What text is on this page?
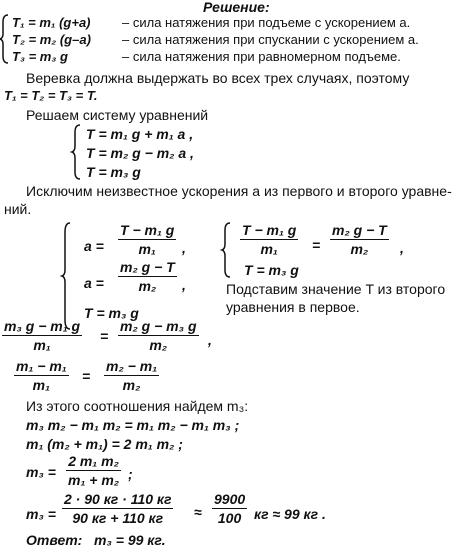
Решение:
T₁ = m₁ (g+a) – сила натяжения при подъеме с ускорением a.
T₂ = m₂ (g–a) – сила натяжения при спускании с ускорением a.
T₃ = m₃ g	– сила натяжения при равномерном подъеме.
Веревка должна выдержать во всех трех случаях, поэтому
T₁ = T₂ = T₃ = T.
Решаем систему уравнений
T = m₁ g + m₁ a ,
T = m₂ g − m₂ a ,
T = m₃ g
Исключим неизвестное ускорения a из первого и второго уравне-
ний.
a =
T − m₁ g
m₁ ,
a =
m₂ g − T
m₂ ,
T = m₃ g
T − m₁ g
m₁ =
m₂ g − T
m₂ ,
T = m₃ g
Подставим значение T из второго
уравнения в первое.
m₃ g − m₁ g
m₁
=
m₂ g − m₃ g
m₂	,
m₁ − m₁
m₁
=
m₂ − m₁
m₂
Из этого соотношения найдем m₃:
m₃ m₂ − m₁ m₂ = m₁ m₂ − m₁ m₃ ;
m₁ (m₂ + m₁) = 2 m₁ m₂ ;
m₃ =
2 m₁ m₂
m₁ + m₂ ;
m₃ =
2 · 90 кг · 110 кг
90 кг + 110 кг ≈
9900
100 кг ≈ 99 кг .
Ответ: m₃ = 99 кг.
